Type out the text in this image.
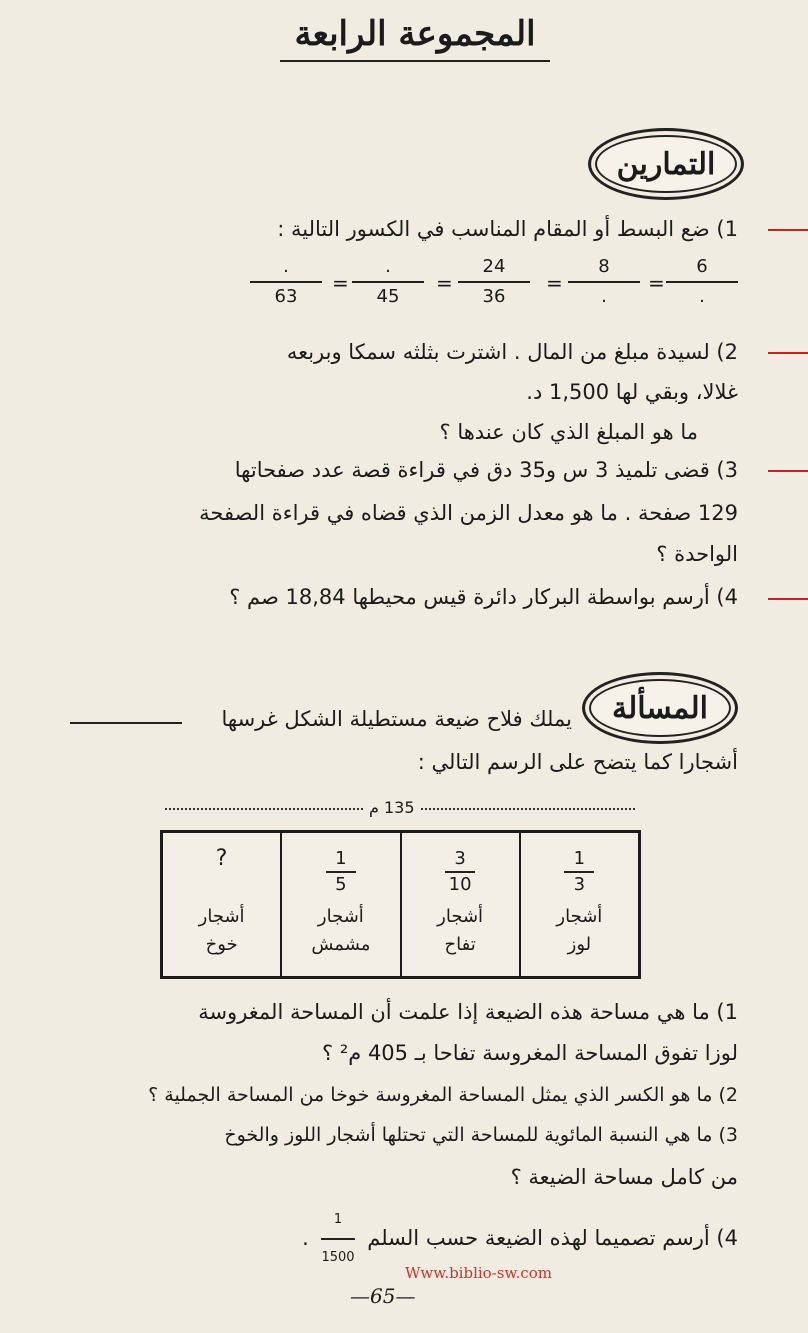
المجموعة الرابعة
التمارين
1) ضع البسط أو المقام المناسب في الكسور التالية :
.
63
=
.
45
=
24
36
=
8
.
=
6
.
2) لسيدة مبلغ من المال . اشترت بثلثه سمكا وبربعه
غلالا، وبقي لها 1,500 د.
ما هو المبلغ الذي كان عندها ؟
3) قضى تلميذ 3 س و35 دق في قراءة قصة عدد صفحاتها
129 صفحة . ما هو معدل الزمن الذي قضاه في قراءة الصفحة
الواحدة ؟
4) أرسم بواسطة البركار دائرة قيس محيطها 18,84 صم ؟
المسألة
يملك فلاح ضيعة مستطيلة الشكل غرسها
أشجارا كما يتضح على الرسم التالي :
135 م
1
3
أشجار
لوز
3
10
أشجار
تفاح
1
5
أشجار
مشمش
?
أشجار
خوخ
1) ما هي مساحة هذه الضيعة إذا علمت أن المساحة المغروسة
لوزا تفوق المساحة المغروسة تفاحا بـ 405 م² ؟
2) ما هو الكسر الذي يمثل المساحة المغروسة خوخا من المساحة الجملية ؟
3) ما هي النسبة المائوية للمساحة التي تحتلها أشجار اللوز والخوخ
من كامل مساحة الضيعة ؟
4) أرسم تصميما لهذه الضيعة حسب السلم
$\frac{1}{1500}$
.
Www.biblio-sw.com
—65—
